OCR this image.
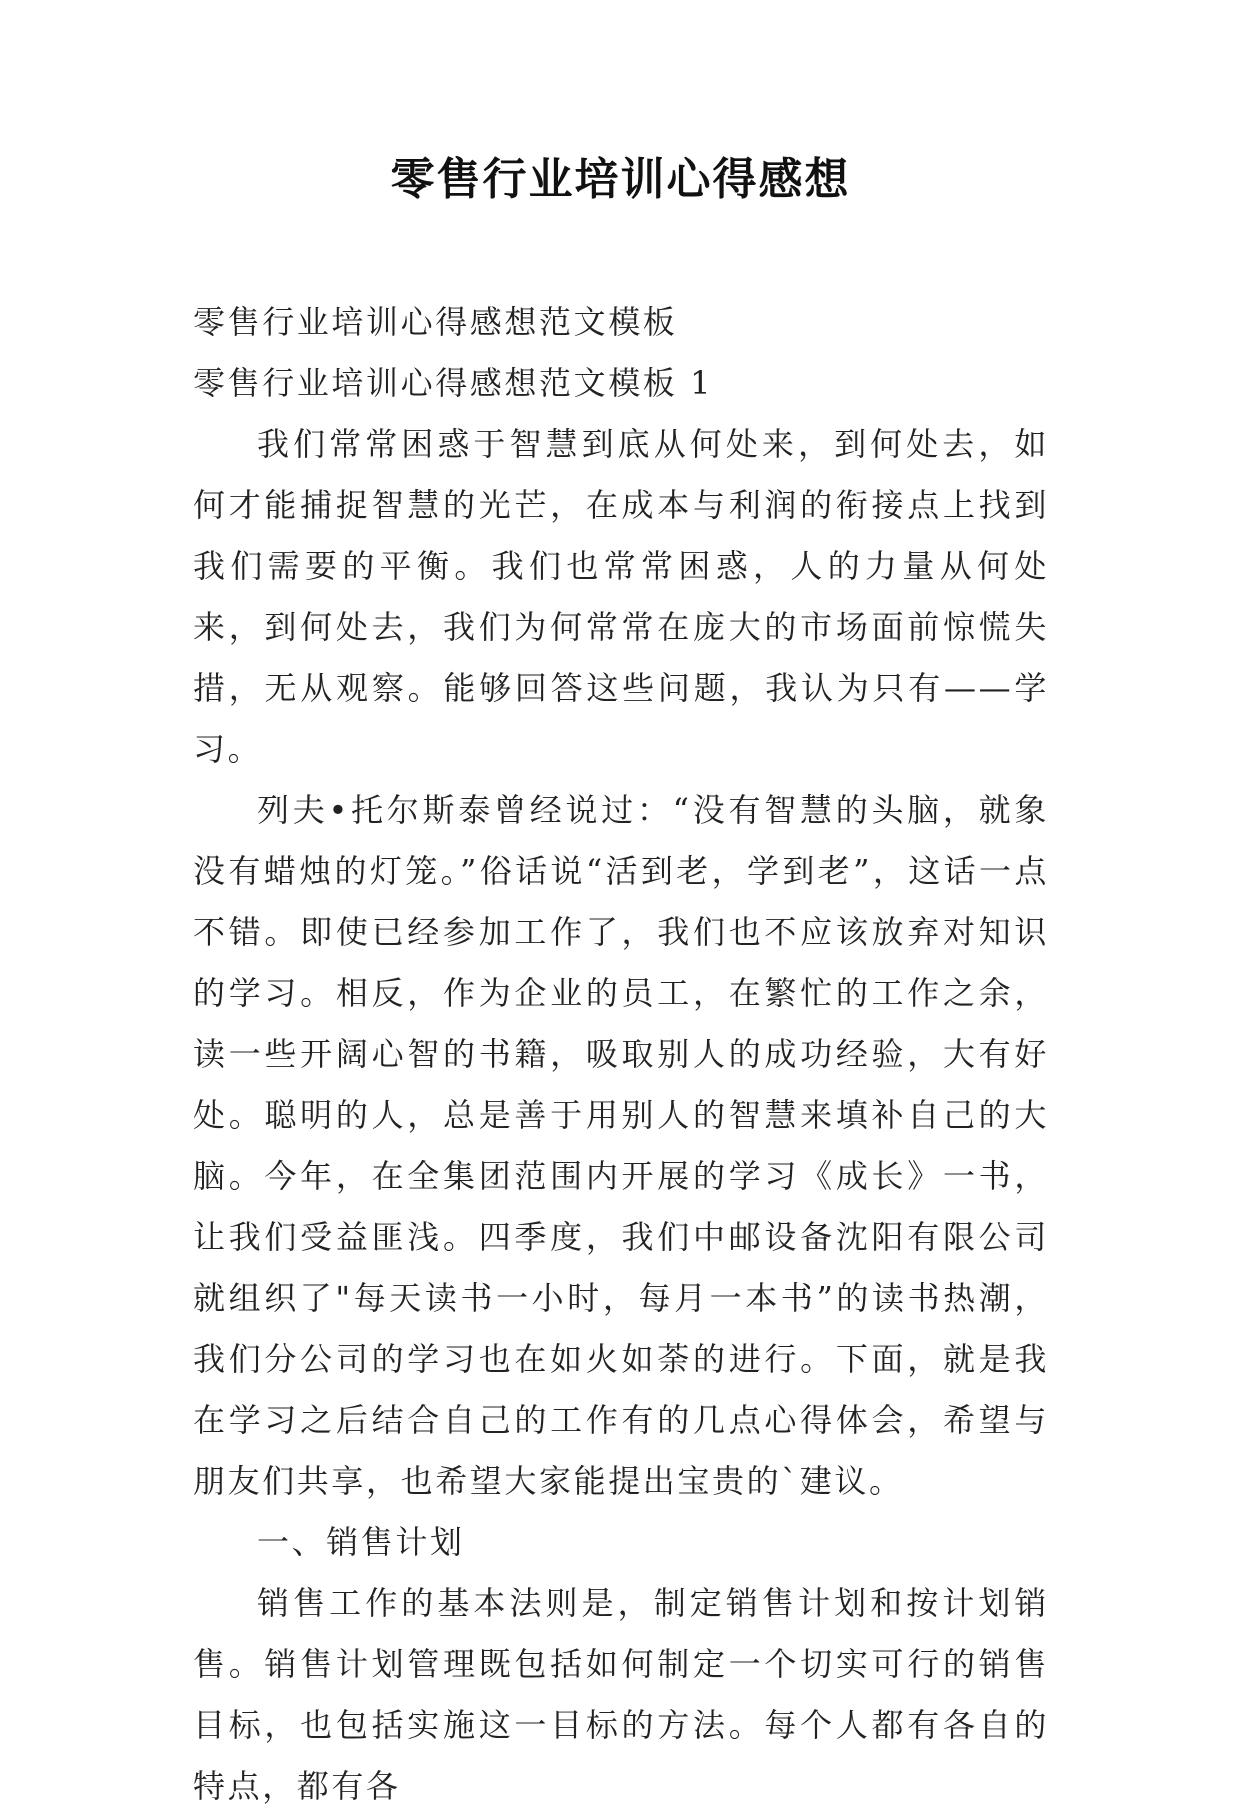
零售行业培训心得感想

零售行业培训心得感想范文模板

零售行业培训心得感想范文模板 1

我们常常困惑于智慧到底从何处来，到何处去，如何才能捕捉智慧的光芒，在成本与利润的衔接点上找到我们需要的平衡。我们也常常困惑，人的力量从何处来，到何处去，我们为何常常在庞大的市场面前惊慌失措，无从观察。能够回答这些问题，我认为只有——学习。

列夫•托尔斯泰曾经说过：“没有智慧的头脑，就象没有蜡烛的灯笼。”俗话说“活到老，学到老”，这话一点不错。即使已经参加工作了，我们也不应该放弃对知识的学习。相反，作为企业的员工，在繁忙的工作之余，读一些开阔心智的书籍，吸取别人的成功经验，大有好处。聪明的人，总是善于用别人的智慧来填补自己的大脑。今年，在全集团范围内开展的学习《成长》一书，让我们受益匪浅。四季度，我们中邮设备沈阳有限公司就组织了"每天读书一小时，每月一本书”的读书热潮，我们分公司的学习也在如火如荼的进行。下面，就是我在学习之后结合自己的工作有的几点心得体会，希望与朋友们共享，也希望大家能提出宝贵的`建议。

一、销售计划

销售工作的基本法则是，制定销售计划和按计划销售。销售计划管理既包括如何制定一个切实可行的销售目标，也包括实施这一目标的方法。每个人都有各自的特点，都有各
